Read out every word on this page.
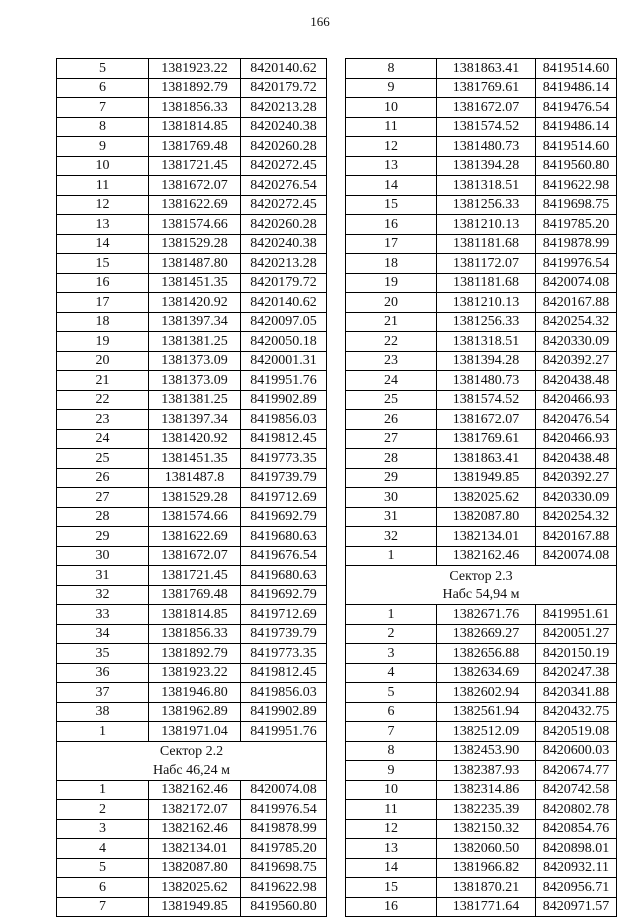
166
5	1381923.22	8420140.62
6	1381892.79	8420179.72
7	1381856.33	8420213.28
8	1381814.85	8420240.38
9	1381769.48	8420260.28
10	1381721.45	8420272.45
11	1381672.07	8420276.54
12	1381622.69	8420272.45
13	1381574.66	8420260.28
14	1381529.28	8420240.38
15	1381487.80	8420213.28
16	1381451.35	8420179.72
17	1381420.92	8420140.62
18	1381397.34	8420097.05
19	1381381.25	8420050.18
20	1381373.09	8420001.31
21	1381373.09	8419951.76
22	1381381.25	8419902.89
23	1381397.34	8419856.03
24	1381420.92	8419812.45
25	1381451.35	8419773.35
26	1381487.8	8419739.79
27	1381529.28	8419712.69
28	1381574.66	8419692.79
29	1381622.69	8419680.63
30	1381672.07	8419676.54
31	1381721.45	8419680.63
32	1381769.48	8419692.79
33	1381814.85	8419712.69
34	1381856.33	8419739.79
35	1381892.79	8419773.35
36	1381923.22	8419812.45
37	1381946.80	8419856.03
38	1381962.89	8419902.89
1	1381971.04	8419951.76
Сектор 2.2		
Набс 46,24 м		
1	1382162.46	8420074.08
2	1382172.07	8419976.54
3	1382162.46	8419878.99
4	1382134.01	8419785.20
5	1382087.80	8419698.75
6	1382025.62	8419622.98
7	1381949.85	8419560.80
8	1381863.41	8419514.60
9	1381769.61	8419486.14
10	1381672.07	8419476.54
11	1381574.52	8419486.14
12	1381480.73	8419514.60
13	1381394.28	8419560.80
14	1381318.51	8419622.98
15	1381256.33	8419698.75
16	1381210.13	8419785.20
17	1381181.68	8419878.99
18	1381172.07	8419976.54
19	1381181.68	8420074.08
20	1381210.13	8420167.88
21	1381256.33	8420254.32
22	1381318.51	8420330.09
23	1381394.28	8420392.27
24	1381480.73	8420438.48
25	1381574.52	8420466.93
26	1381672.07	8420476.54
27	1381769.61	8420466.93
28	1381863.41	8420438.48
29	1381949.85	8420392.27
30	1382025.62	8420330.09
31	1382087.80	8420254.32
32	1382134.01	8420167.88
1	1382162.46	8420074.08
Сектор 2.3		
Набс 54,94 м		
1	1382671.76	8419951.61
2	1382669.27	8420051.27
3	1382656.88	8420150.19
4	1382634.69	8420247.38
5	1382602.94	8420341.88
6	1382561.94	8420432.75
7	1382512.09	8420519.08
8	1382453.90	8420600.03
9	1382387.93	8420674.77
10	1382314.86	8420742.58
11	1382235.39	8420802.78
12	1382150.32	8420854.76
13	1382060.50	8420898.01
14	1381966.82	8420932.11
15	1381870.21	8420956.71
16	1381771.64	8420971.57
